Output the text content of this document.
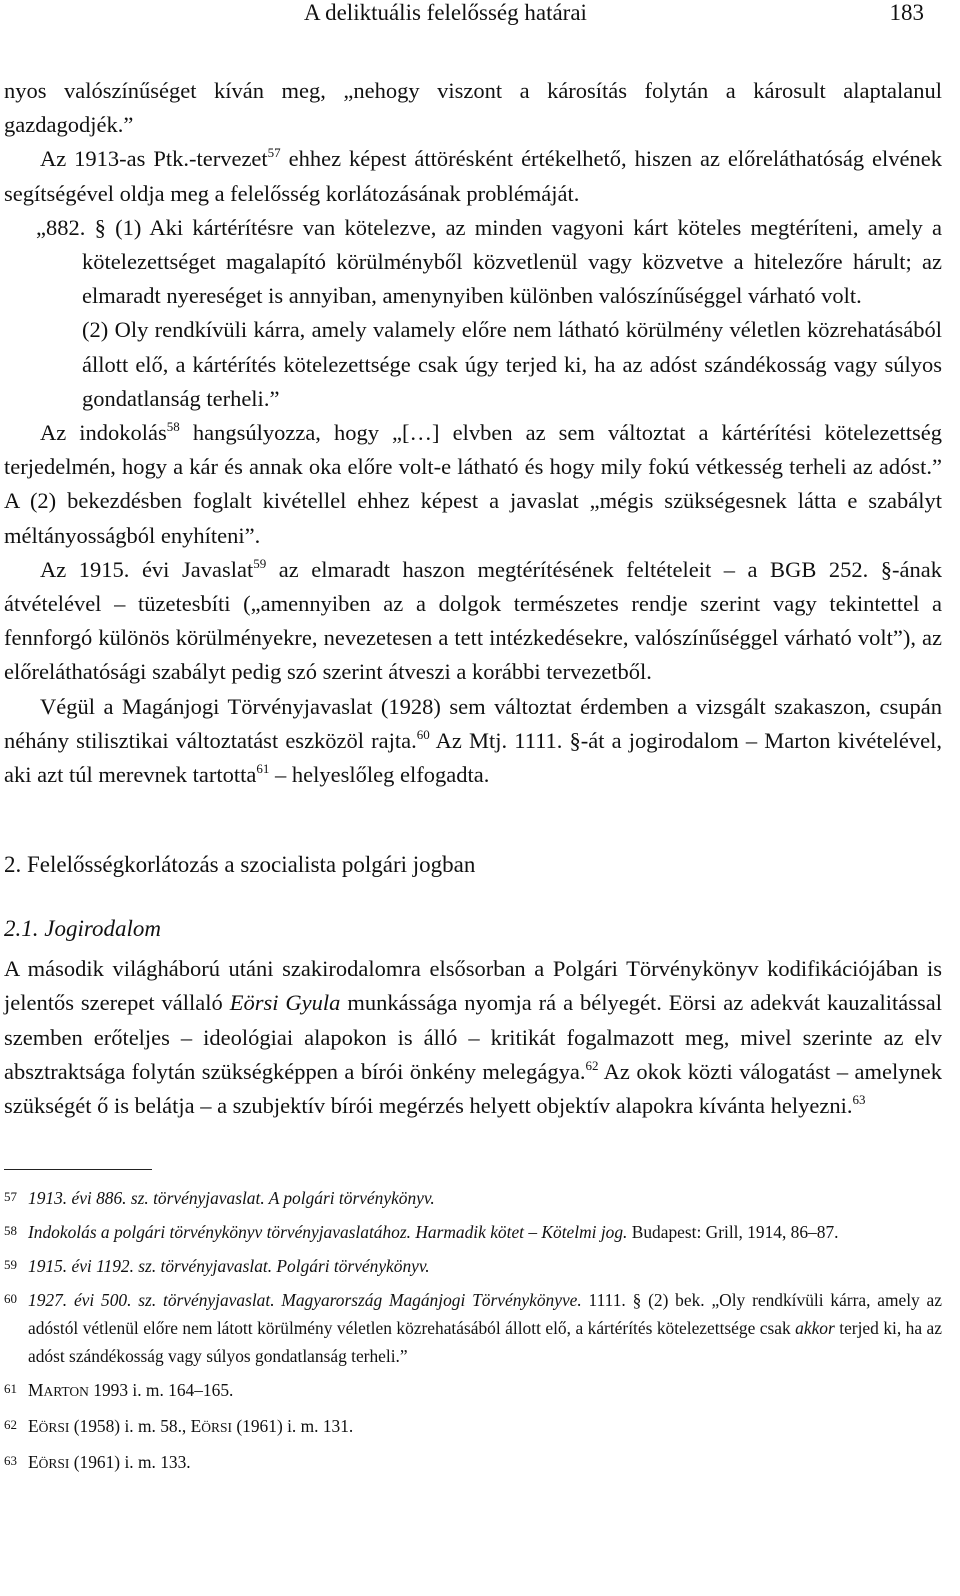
A deliktuális felelősség határai	183

nyos valószínűséget kíván meg, „nehogy viszont a károsítás folytán a károsult alaptalanul gazdagodjék.”

Az 1913-as Ptk.-tervezet$^{57}$ ehhez képest áttörésként értékelhető, hiszen az előreláthatóság elvének segítségével oldja meg a felelősség korlátozásának problémáját.

„882. § (1) Aki kártérítésre van kötelezve, az minden vagyoni kárt köteles megtéríteni, amely a kötelezettséget magalapító körülményből közvetlenül vagy közvetve a hitelezőre hárult; az elmaradt nyereséget is annyiban, amenynyiben különben valószínűséggel várható volt.

(2) Oly rendkívüli kárra, amely valamely előre nem látható körülmény véletlen közrehatásából állott elő, a kártérítés kötelezettsége csak úgy terjed ki, ha az adóst szándékosság vagy súlyos gondatlanság terheli.”

Az indokolás$^{58}$ hangsúlyozza, hogy „[…] elvben az sem változtat a kártérítési kötelezettség terjedelmén, hogy a kár és annak oka előre volt-e látható és hogy mily fokú vétkesség terheli az adóst.” A (2) bekezdésben foglalt kivétellel ehhez képest a javaslat „mégis szükségesnek látta e szabályt méltányosságból enyhíteni”.

Az 1915. évi Javaslat$^{59}$ az elmaradt haszon megtérítésének feltételeit – a BGB 252. §-ának átvételével – tüzetesbíti („amennyiben az a dolgok természetes rendje szerint vagy tekintettel a fennforgó különös körülményekre, nevezetesen a tett intézkedésekre, valószínűséggel várható volt”), az előreláthatósági szabályt pedig szó szerint átveszi a korábbi tervezetből.

Végül a Magánjogi Törvényjavaslat (1928) sem változtat érdemben a vizsgált szakaszon, csupán néhány stilisztikai változtatást eszközöl rajta.$^{60}$ Az Mtj. 1111. §-át a jogirodalom – Marton kivételével, aki azt túl merevnek tartotta$^{61}$ – helyeslőleg elfogadta.

2. Felelősségkorlátozás a szocialista polgári jogban
2.1. Jogirodalom

A második világháború utáni szakirodalomra elsősorban a Polgári Törvénykönyv kodifikációjában is jelentős szerepet vállaló Eörsi Gyula munkássága nyomja rá a bélyegét. Eörsi az adekvát kauzalitással szemben erőteljes – ideológiai alapokon is álló – kritikát fogalmazott meg, mivel szerinte az elv absztraktsága folytán szükségképpen a bírói önkény melegágya.$^{62}$ Az okok közti válogatást – amelynek szükségét ő is belátja – a szubjektív bírói megérzés helyett objektív alapokra kívánta helyezni.$^{63}$

57 1913. évi 886. sz. törvényjavaslat. A polgári törvénykönyv.
58 Indokolás a polgári törvénykönyv törvényjavaslatához. Harmadik kötet – Kötelmi jog. Budapest: Grill, 1914, 86–87.
59 1915. évi 1192. sz. törvényjavaslat. Polgári törvénykönyv.
60 1927. évi 500. sz. törvényjavaslat. Magyarország Magánjogi Törvénykönyve. 1111. § (2) bek. „Oly rendkívüli kárra, amely az adóstól vétlenül előre nem látott körülmény véletlen közrehatásából állott elő, a kártérítés kötelezettsége csak akkor terjed ki, ha az adóst szándékosság vagy súlyos gondatlanság terheli.”
61 MARTON 1993 i. m. 164–165.
62 EÖRSI (1958) i. m. 58., EÖRSI (1961) i. m. 131.
63 EÖRSI (1961) i. m. 133.
